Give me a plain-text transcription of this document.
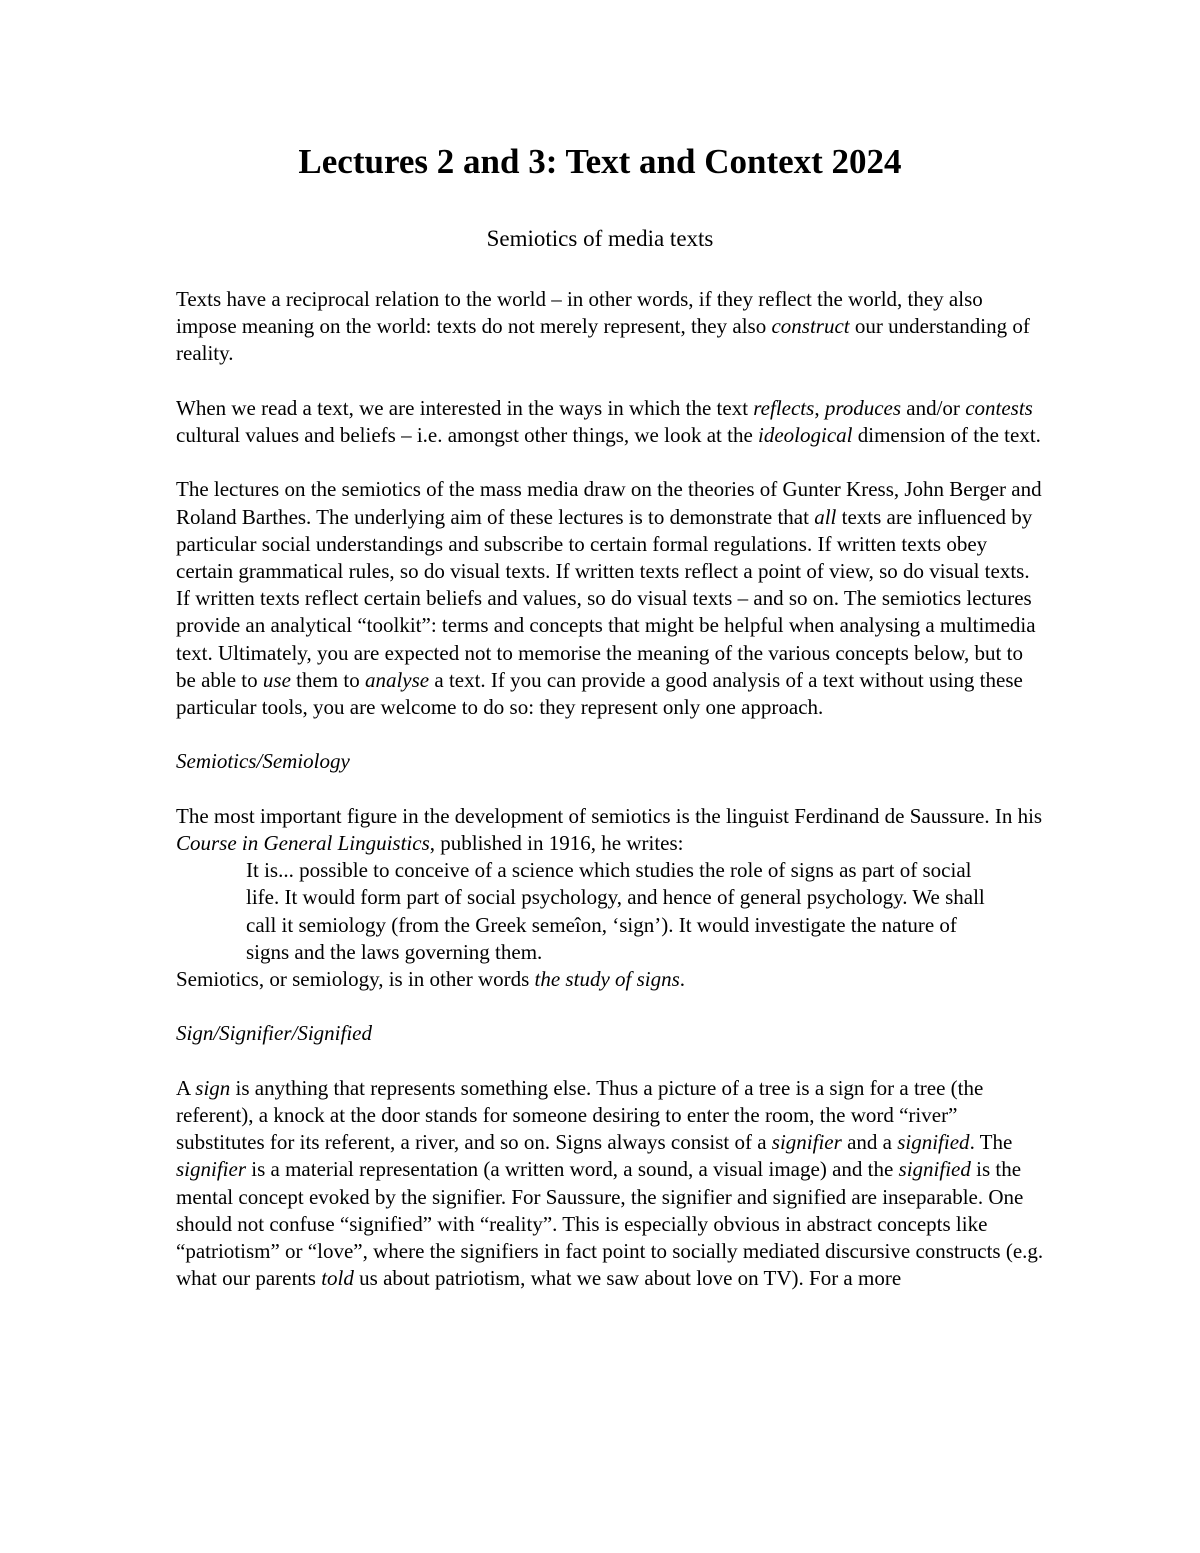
Lectures 2 and 3: Text and Context 2024
Semiotics of media texts

Texts have a reciprocal relation to the world – in other words, if they reflect the world, they also impose meaning on the world: texts do not merely represent, they also construct our understanding of reality.

When we read a text, we are interested in the ways in which the text reflects, produces and/or contests cultural values and beliefs – i.e. amongst other things, we look at the ideological dimension of the text.

The lectures on the semiotics of the mass media draw on the theories of Gunter Kress, John Berger and Roland Barthes. The underlying aim of these lectures is to demonstrate that all texts are influenced by particular social understandings and subscribe to certain formal regulations. If written texts obey certain grammatical rules, so do visual texts. If written texts reflect a point of view, so do visual texts. If written texts reflect certain beliefs and values, so do visual texts – and so on. The semiotics lectures provide an analytical “toolkit”: terms and concepts that might be helpful when analysing a multimedia text. Ultimately, you are expected not to memorise the meaning of the various concepts below, but to be able to use them to analyse a text. If you can provide a good analysis of a text without using these particular tools, you are welcome to do so: they represent only one approach.

Semiotics/Semiology

The most important figure in the development of semiotics is the linguist Ferdinand de Saussure. In his Course in General Linguistics, published in 1916, he writes:

It is... possible to conceive of a science which studies the role of signs as part of social life. It would form part of social psychology, and hence of general psychology. We shall call it semiology (from the Greek semeîon, ‘sign’). It would investigate the nature of signs and the laws governing them.

Semiotics, or semiology, is in other words the study of signs.

Sign/Signifier/Signified

A sign is anything that represents something else. Thus a picture of a tree is a sign for a tree (the referent), a knock at the door stands for someone desiring to enter the room, the word “river” substitutes for its referent, a river, and so on. Signs always consist of a signifier and a signified. The signifier is a material representation (a written word, a sound, a visual image) and the signified is the mental concept evoked by the signifier. For Saussure, the signifier and signified are inseparable. One should not confuse “signified” with “reality”. This is especially obvious in abstract concepts like “patriotism” or “love”, where the signifiers in fact point to socially mediated discursive constructs (e.g. what our parents told us about patriotism, what we saw about love on TV). For a more
